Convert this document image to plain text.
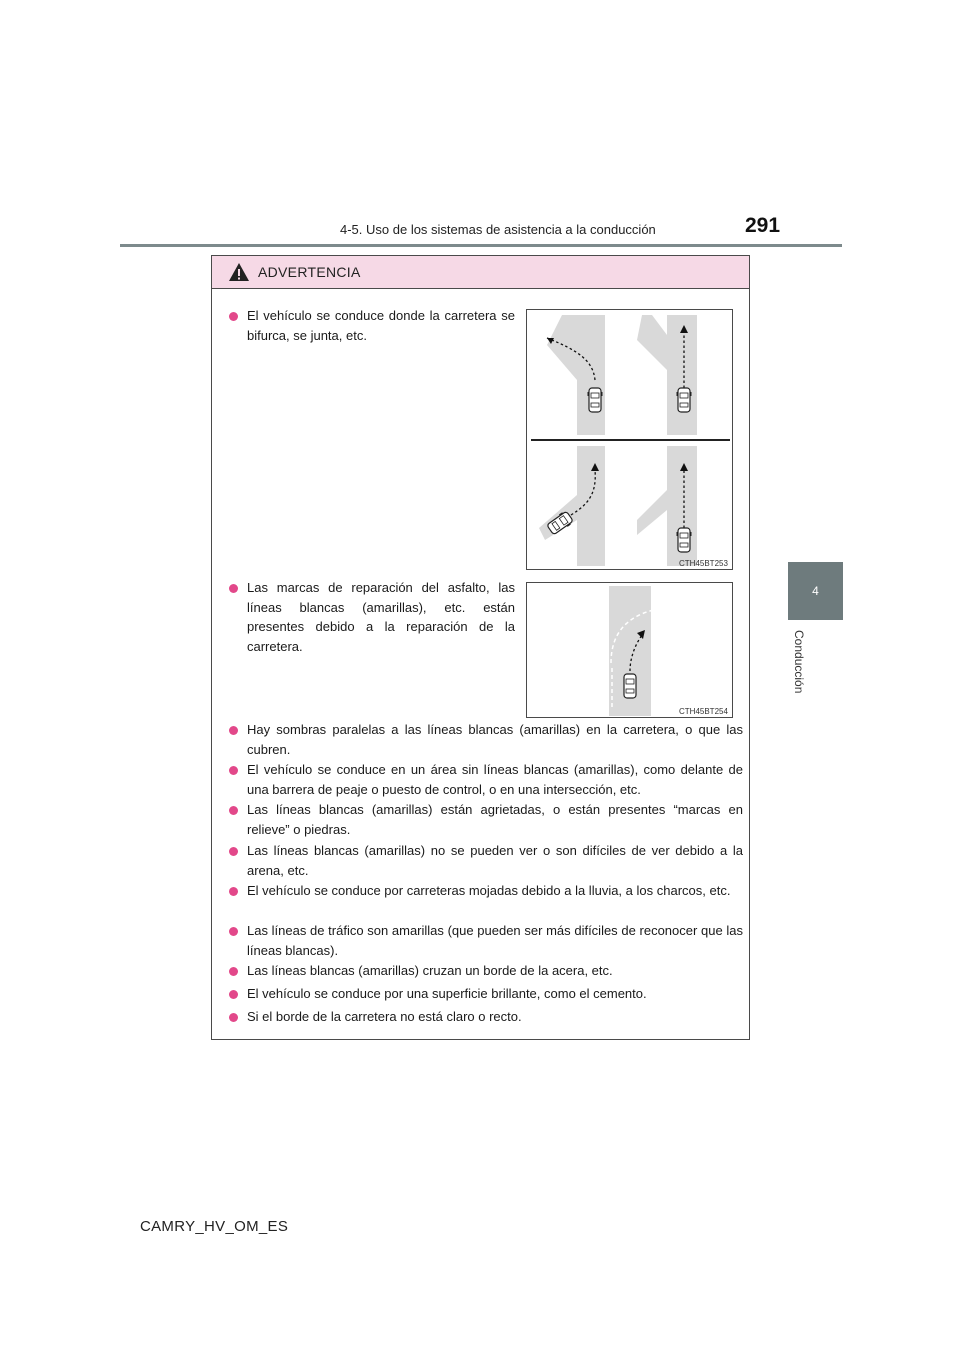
4-5. Uso de los sistemas de asistencia a la conducción	291
4
Conducción
ADVERTENCIA
El vehículo se conduce donde la carretera se bifurca, se junta, etc.
CTH45BT253
Las marcas de reparación del asfalto, las líneas blancas (amarillas), etc. están presentes debido a la reparación de la carretera.
CTH45BT254
Hay sombras paralelas a las líneas blancas (amarillas) en la carretera, o que las cubren.
El vehículo se conduce en un área sin líneas blancas (amarillas), como delante de una barrera de peaje o puesto de control, o en una intersección, etc.
Las líneas blancas (amarillas) están agrietadas, o están presentes “marcas en relieve” o piedras.
Las líneas blancas (amarillas) no se pueden ver o son difíciles de ver debido a la arena, etc.
El vehículo se conduce por carreteras mojadas debido a la lluvia, a los charcos, etc.
Las líneas de tráfico son amarillas (que pueden ser más difíciles de reconocer que las líneas blancas).
Las líneas blancas (amarillas) cruzan un borde de la acera, etc.
El vehículo se conduce por una superficie brillante, como el cemento.
Si el borde de la carretera no está claro o recto.
CAMRY_HV_OM_ES
